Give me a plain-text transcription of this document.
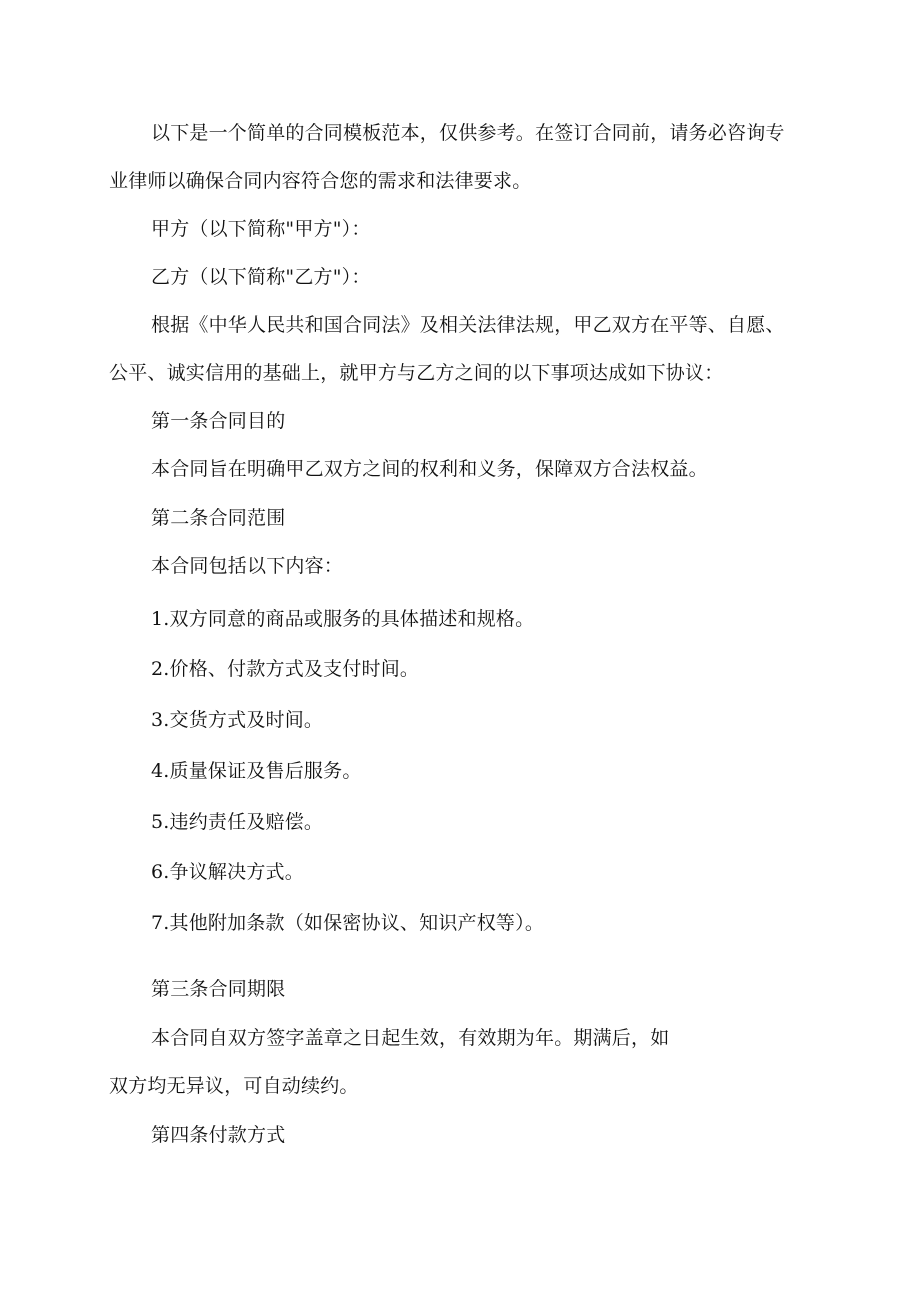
以下是一个简单的合同模板范本，仅供参考。在签订合同前，请务必咨询专
业律师以确保合同内容符合您的需求和法律要求。
甲方（以下简称"甲方"）：
乙方（以下简称"乙方"）：
根据《中华人民共和国合同法》及相关法律法规，甲乙双方在平等、自愿、
公平、诚实信用的基础上，就甲方与乙方之间的以下事项达成如下协议：
第一条合同目的
本合同旨在明确甲乙双方之间的权利和义务，保障双方合法权益。
第二条合同范围
本合同包括以下内容：
1.双方同意的商品或服务的具体描述和规格。
2.价格、付款方式及支付时间。
3.交货方式及时间。
4.质量保证及售后服务。
5.违约责任及赔偿。
6.争议解决方式。
7.其他附加条款（如保密协议、知识产权等）。
第三条合同期限
本合同自双方签字盖章之日起生效，有效期为年。期满后，如
双方均无异议，可自动续约。
第四条付款方式
